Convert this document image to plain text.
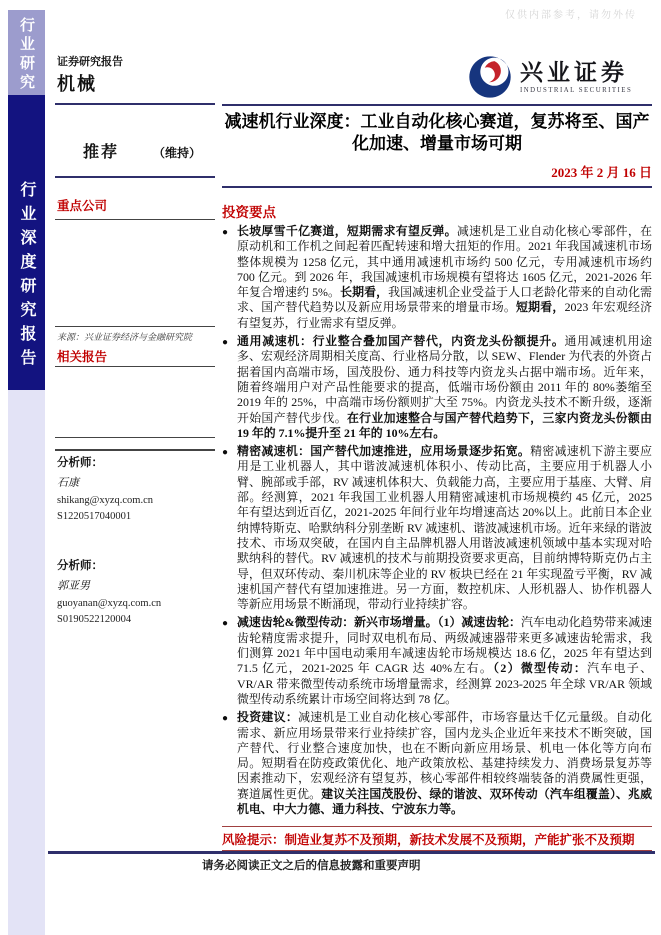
仅供内部参考，请勿外传
行业研究
行业深度研究报告
证券研究报告
机械
推荐	（维持）
重点公司
来源：兴业证券经济与金融研究院
相关报告
分析师：
石康
shikang@xyzq.com.cn
S1220517040001
分析师：
郭亚男
guoyanan@xyzq.com.cn
S0190522120004
兴业证券
INDUSTRIAL SECURITIES
减速机行业深度：工业自动化核心赛道，复苏将至、国产化加速、增量市场可期
2023 年 2 月 16 日
投资要点
● 长坡厚雪千亿赛道，短期需求有望反弹。减速机是工业自动化核心零部件，在原动机和工作机之间起着匹配转速和增大扭矩的作用。2021 年我国减速机市场整体规模为 1258 亿元，其中通用减速机市场约 500 亿元，专用减速机市场约 700 亿元。到 2026 年，我国减速机市场规模有望将达 1605 亿元，2021-2026 年年复合增速约 5%。长期看，我国减速机企业受益于人口老龄化带来的自动化需求、国产替代趋势以及新应用场景带来的增量市场。短期看，2023 年宏观经济有望复苏，行业需求有望反弹。
● 通用减速机：行业整合叠加国产替代，内资龙头份额提升。通用减速机用途多、宏观经济周期相关度高、行业格局分散，以 SEW、Flender 为代表的外资占据着国内高端市场，国茂股份、通力科技等内资龙头占据中端市场。近年来，随着终端用户对产品性能要求的提高，低端市场份额由 2011 年的 80%萎缩至 2019 年的 25%，中高端市场份额则扩大至 75%。内资龙头技术不断升级，逐渐开始国产替代步伐。在行业加速整合与国产替代趋势下，三家内资龙头份额由 19 年的 7.1%提升至 21 年的 10%左右。
● 精密减速机：国产替代加速推进，应用场景逐步拓宽。精密减速机下游主要应用是工业机器人，其中谐波减速机体积小、传动比高，主要应用于机器人小臂、腕部或手部，RV 减速机体积大、负载能力高，主要应用于基座、大臂、肩部。经测算，2021 年我国工业机器人用精密减速机市场规模约 45 亿元，2025 年有望达到近百亿，2021-2025 年间行业年均增速高达 20%以上。此前日本企业纳博特斯克、哈默纳科分别垄断 RV 减速机、谐波减速机市场。近年来绿的谐波技术、市场双突破，在国内自主品牌机器人用谐波减速机领域中基本实现对哈默纳科的替代。RV 减速机的技术与前期投资要求更高，目前纳博特斯克仍占主导，但双环传动、秦川机床等企业的 RV 板块已经在 21 年实现盈亏平衡，RV 减速机国产替代有望加速推进。另一方面，数控机床、人形机器人、协作机器人等新应用场景不断涌现，带动行业持续扩容。
● 减速齿轮&微型传动：新兴市场增量。（1）减速齿轮：汽车电动化趋势带来减速齿轮精度需求提升，同时双电机布局、两级减速器带来更多减速齿轮需求，我们测算 2021 年中国电动乘用车减速齿轮市场规模达 18.6 亿，2025 年有望达到 71.5 亿元，2021-2025 年 CAGR 达 40%左右。（2）微型传动：汽车电子、VR/AR 带来微型传动系统市场增量需求，经测算 2023-2025 年全球 VR/AR 领域微型传动系统累计市场空间将达到 78 亿。
● 投资建议：减速机是工业自动化核心零部件，市场容量达千亿元量级。自动化需求、新应用场景带来行业持续扩容，国内龙头企业近年来技术不断突破，国产替代、行业整合速度加快，也在不断向新应用场景、机电一体化等方向布局。短期看在防疫政策优化、地产政策放松、基建持续发力、消费场景复苏等因素推动下，宏观经济有望复苏，核心零部件相较终端装备的消费属性更强，赛道属性更优。建议关注国茂股份、绿的谐波、双环传动（汽车组覆盖）、兆威机电、中大力德、通力科技、宁波东力等。
风险提示：制造业复苏不及预期，新技术发展不及预期，产能扩张不及预期
请务必阅读正文之后的信息披露和重要声明
